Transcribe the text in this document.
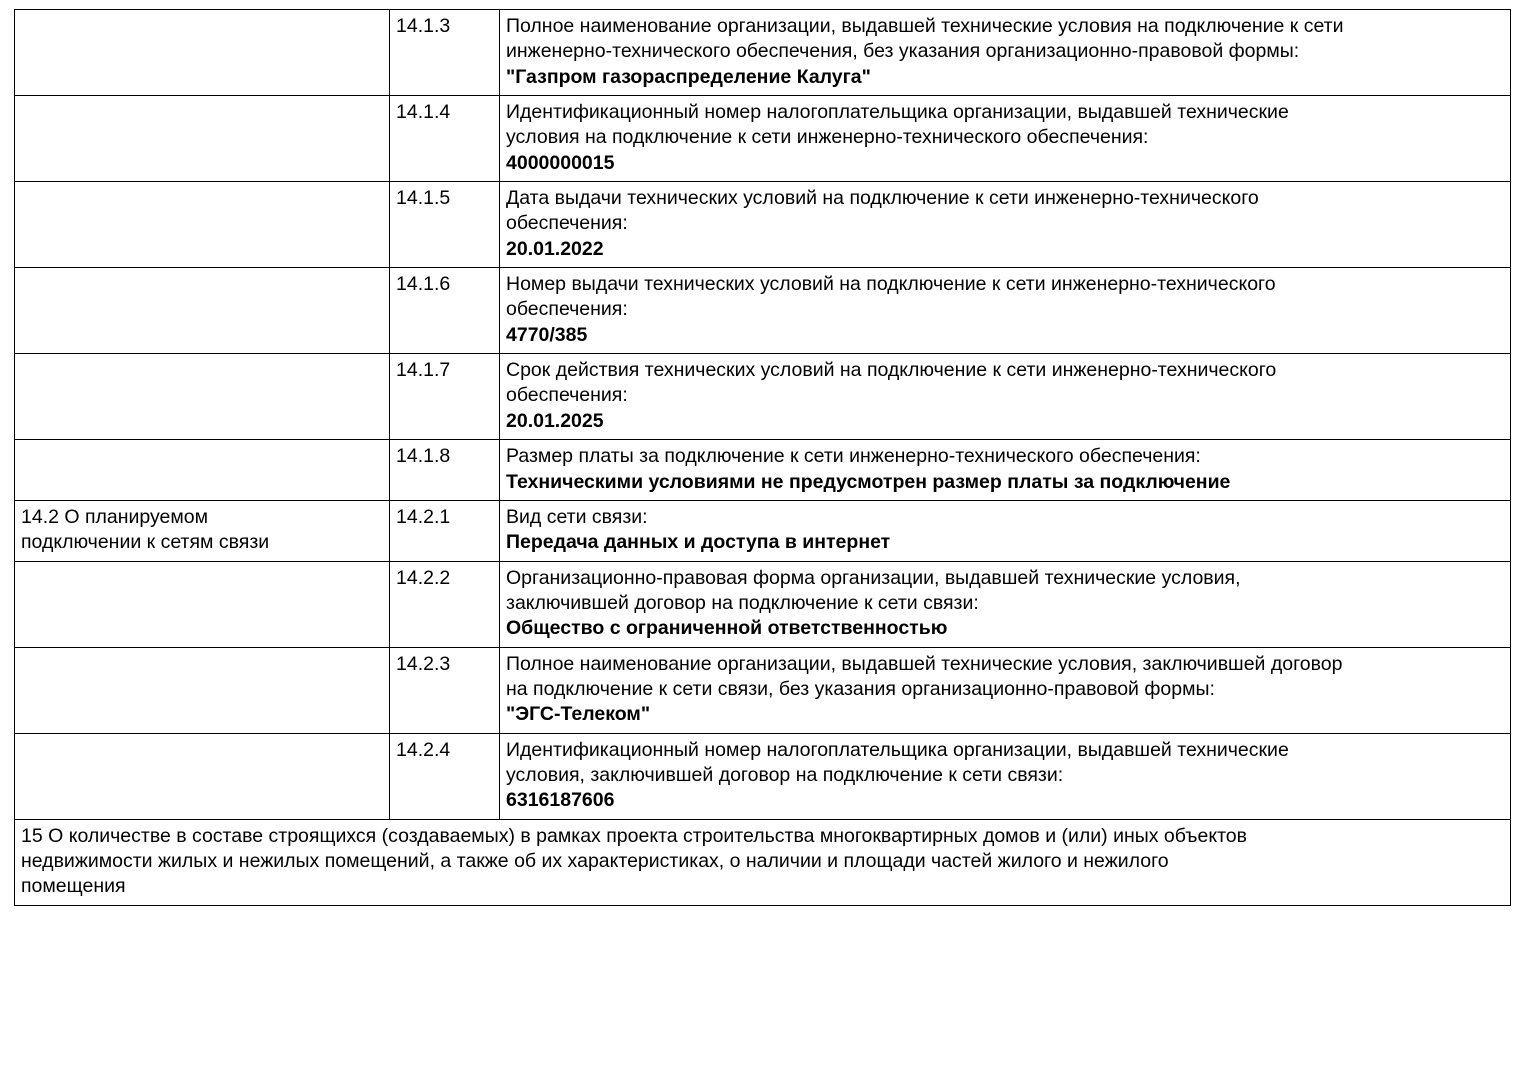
	14.1.3	Полное наименование организации, выдавшей технические условия на подключение к сети
инженерно-технического обеспечения, без указания организационно-правовой формы:
"Газпром газораспределение Калуга"

	14.1.4	Идентификационный номер налогоплательщика организации, выдавшей технические
условия на подключение к сети инженерно-технического обеспечения:
4000000015

	14.1.5	Дата выдачи технических условий на подключение к сети инженерно-технического
обеспечения:
20.01.2022

	14.1.6	Номер выдачи технических условий на подключение к сети инженерно-технического
обеспечения:
4770/385

	14.1.7	Срок действия технических условий на подключение к сети инженерно-технического
обеспечения:
20.01.2025

	14.1.8	Размер платы за подключение к сети инженерно-технического обеспечения:
Техническими условиями не предусмотрен размер платы за подключение

14.2 О планируемом
подключении к сетям связи	14.2.1	Вид сети связи:
Передача данных и доступа в интернет

	14.2.2	Организационно-правовая форма организации, выдавшей технические условия,
заключившей договор на подключение к сети связи:
Общество с ограниченной ответственностью

	14.2.3	Полное наименование организации, выдавшей технические условия, заключившей договор
на подключение к сети связи, без указания организационно-правовой формы:
"ЭГС-Телеком"

	14.2.4	Идентификационный номер налогоплательщика организации, выдавшей технические
условия, заключившей договор на подключение к сети связи:
6316187606

15 О количестве в составе строящихся (создаваемых) в рамках проекта строительства многоквартирных домов и (или) иных объектов
недвижимости жилых и нежилых помещений, а также об их характеристиках, о наличии и площади частей жилого и нежилого
помещения		
